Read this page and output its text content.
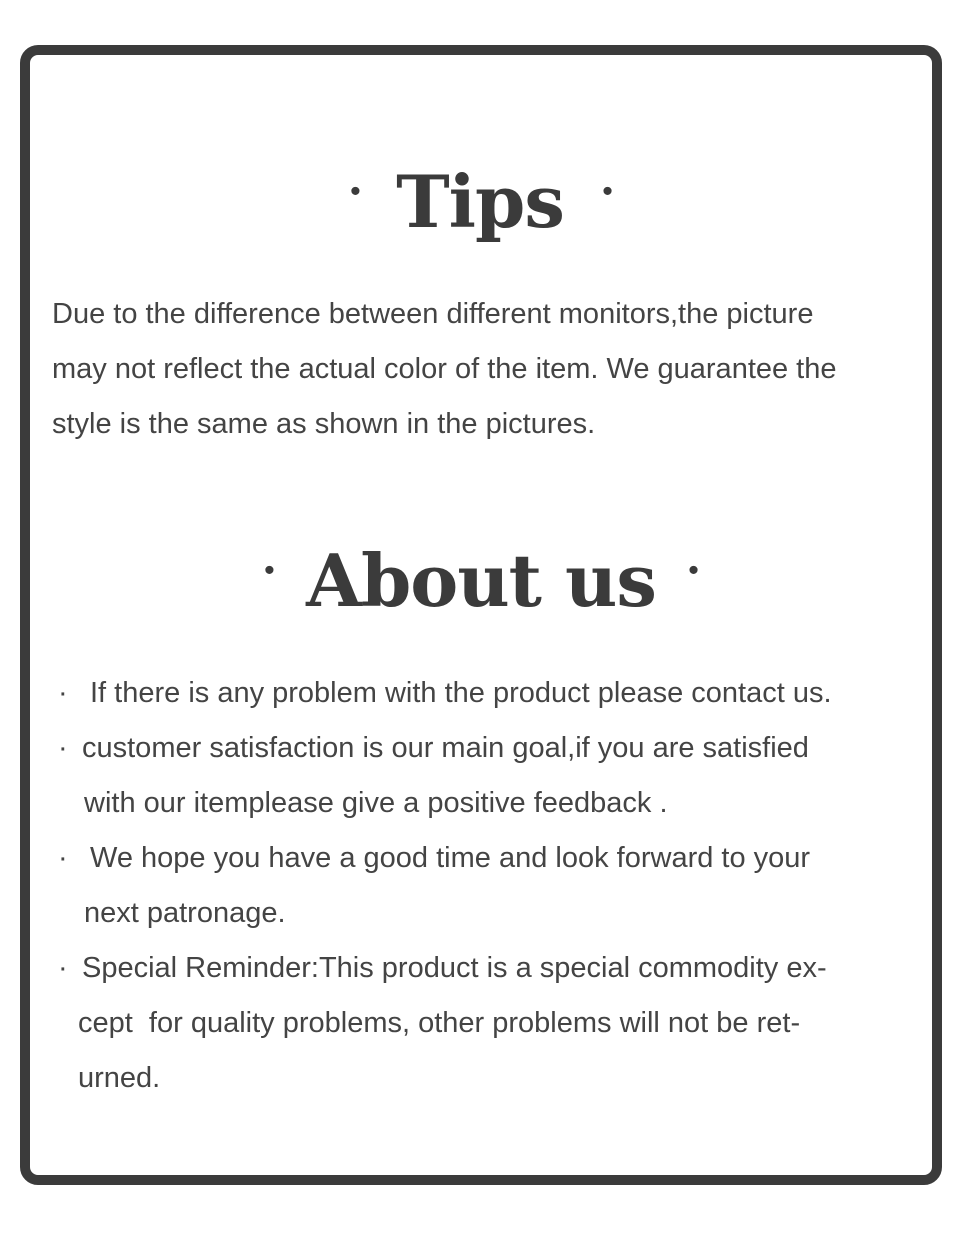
· Tips ·
Due to the difference between different monitors,the picture
may not reflect the actual color of the item. We guarantee the
style is the same as shown in the pictures.
· About us ·
· If there is any problem with the product please contact us.
· customer satisfaction is our main goal,if you are satisfied
with our itemplease give a positive feedback .
· We hope you have a good time and look forward to your
next patronage.
· Special Reminder:This product is a special commodity ex-
cept  for quality problems, other problems will not be ret-
urned.
